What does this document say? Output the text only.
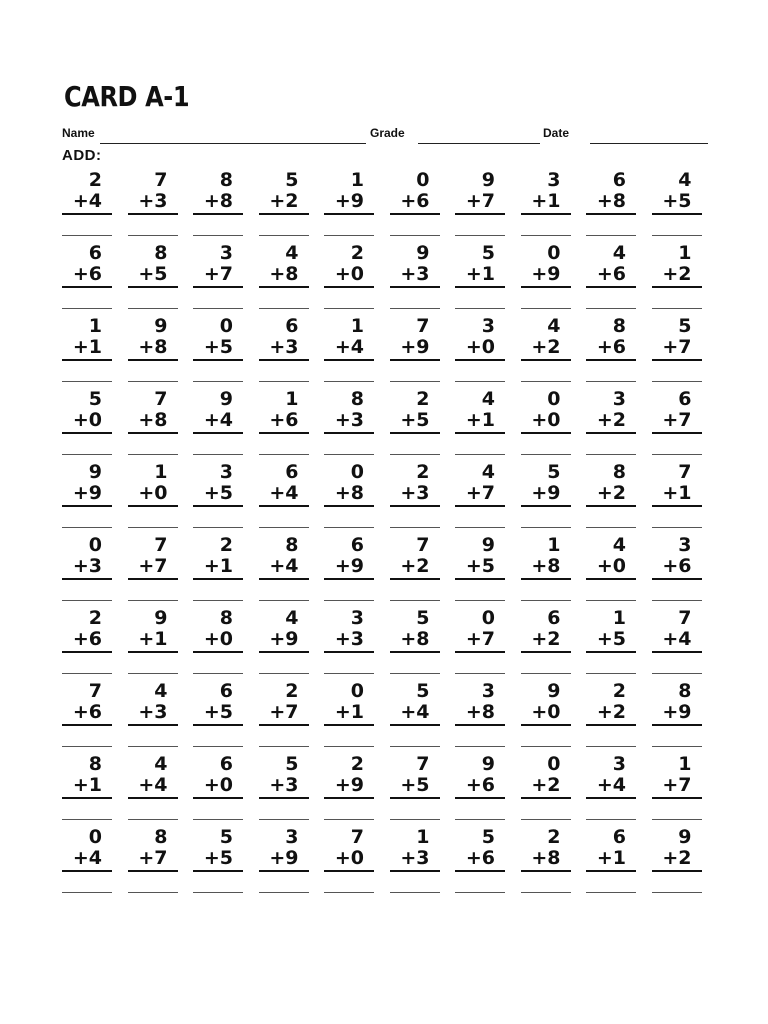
CARD A-1
Name	Grade	Date
ADD:
2
+4
7
+3
8
+8
5
+2
1
+9
0
+6
9
+7
3
+1
6
+8
4
+5
6
+6
8
+5
3
+7
4
+8
2
+0
9
+3
5
+1
0
+9
4
+6
1
+2
1
+1
9
+8
0
+5
6
+3
1
+4
7
+9
3
+0
4
+2
8
+6
5
+7
5
+0
7
+8
9
+4
1
+6
8
+3
2
+5
4
+1
0
+0
3
+2
6
+7
9
+9
1
+0
3
+5
6
+4
0
+8
2
+3
4
+7
5
+9
8
+2
7
+1
0
+3
7
+7
2
+1
8
+4
6
+9
7
+2
9
+5
1
+8
4
+0
3
+6
2
+6
9
+1
8
+0
4
+9
3
+3
5
+8
0
+7
6
+2
1
+5
7
+4
7
+6
4
+3
6
+5
2
+7
0
+1
5
+4
3
+8
9
+0
2
+2
8
+9
8
+1
4
+4
6
+0
5
+3
2
+9
7
+5
9
+6
0
+2
3
+4
1
+7
0
+4
8
+7
5
+5
3
+9
7
+0
1
+3
5
+6
2
+8
6
+1
9
+2
